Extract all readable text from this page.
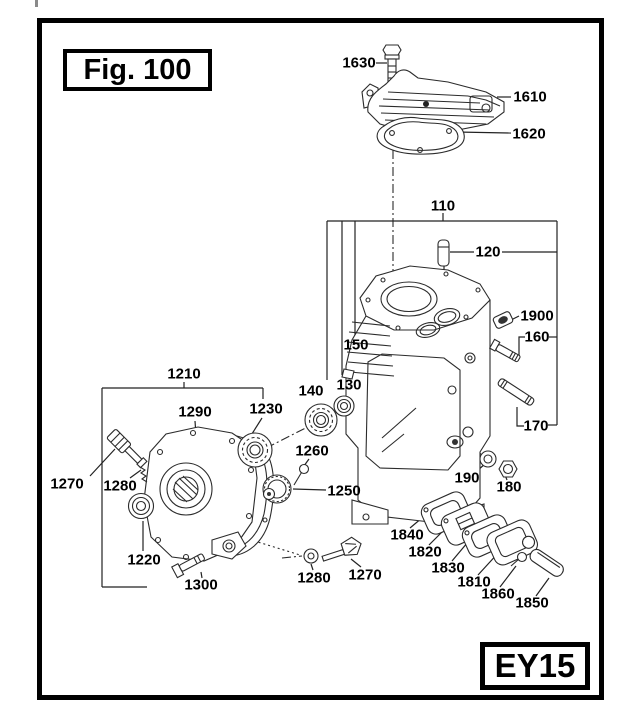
1630
1610
1620
110
120
1900
160
170
150
130
140
1210
1290	1230
1260
1250
1270 1280
1220
1300	1280 1270
190
180
1840
1820
1830
1810
1860
1850
Fig. 100
EY15
